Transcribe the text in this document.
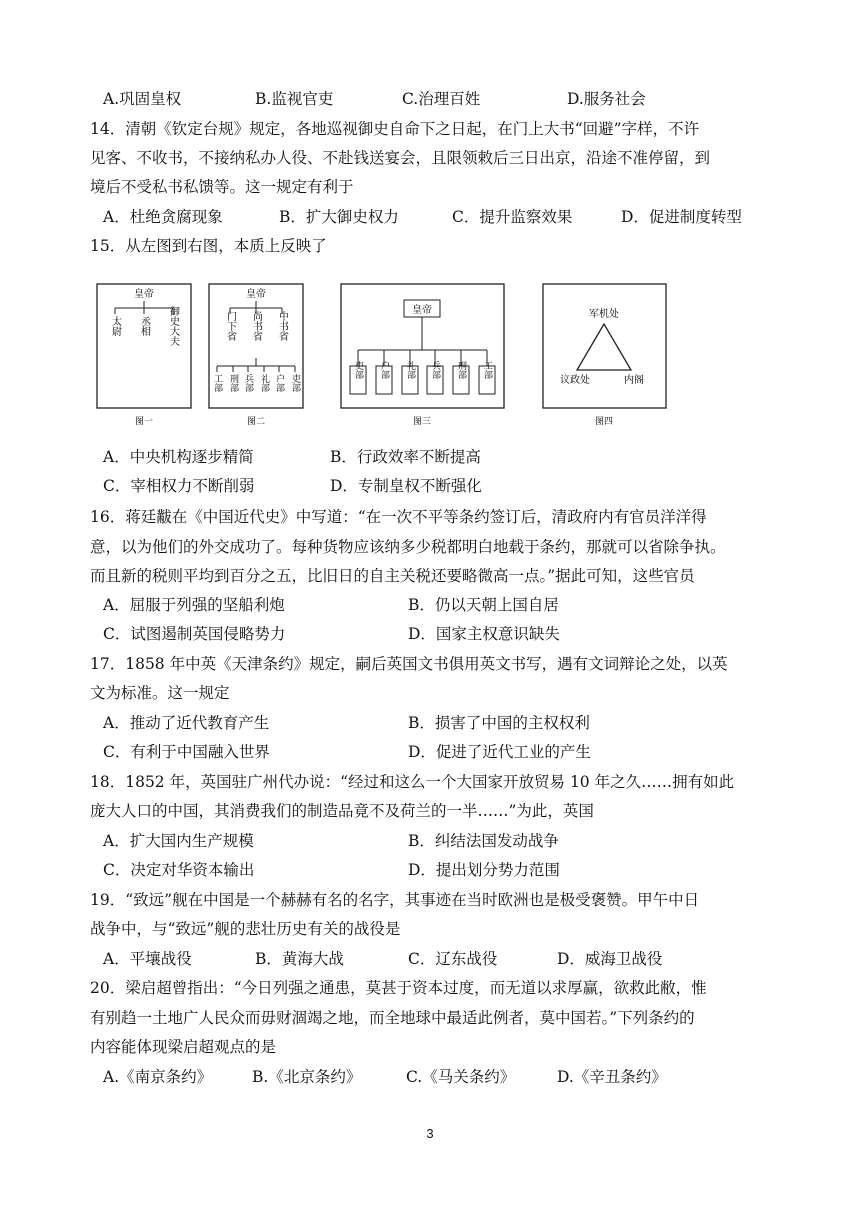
A.巩固皇权	B.监视官吏	C.治理百姓	D.服务社会
14．清朝《钦定台规》规定，各地巡视御史自命下之日起，在门上大书“回避”字样，不许
见客、不收书，不接纳私办人役、不赴钱送宴会，且限领敕后三日出京，沿途不准停留，到
境后不受私书私馈等。这一规定有利于
A．杜绝贪腐现象	B．扩大御史权力	C．提升监察效果	D．促进制度转型
15．从左图到右图，本质上反映了
皇帝
太尉 丞相 御史大夫
图一
皇帝
门下省 尚书省 中书省
工部 刑部 兵部 礼部 户部 吏部
图二
皇帝
吏部 户部 礼部 兵部 刑部 工部
图三
军机处
议政处	内阁
图四
A．中央机构逐步精简	B．行政效率不断提高
C．宰相权力不断削弱	D．专制皇权不断强化
16．蒋廷黻在《中国近代史》中写道：“在一次不平等条约签订后，清政府内有官员洋洋得
意，以为他们的外交成功了。每种货物应该纳多少税都明白地载于条约，那就可以省除争执。
而且新的税则平均到百分之五，比旧日的自主关税还要略微高一点。”据此可知，这些官员
A．屈服于列强的坚船利炮	B．仍以天朝上国自居
C．试图遏制英国侵略势力	D．国家主权意识缺失
17．1858 年中英《天津条约》规定，嗣后英国文书俱用英文书写，遇有文词辩论之处，以英
文为标准。这一规定
A．推动了近代教育产生	B．损害了中国的主权权利
C．有利于中国融入世界	D．促进了近代工业的产生
18．1852 年，英国驻广州代办说：“经过和这么一个大国家开放贸易 10 年之久……拥有如此
庞大人口的中国，其消费我们的制造品竟不及荷兰的一半……”为此，英国
A．扩大国内生产规模	B．纠结法国发动战争
C．决定对华资本输出	D．提出划分势力范围
19．“致远”舰在中国是一个赫赫有名的名字，其事迹在当时欧洲也是极受褒赞。甲午中日
战争中，与“致远”舰的悲壮历史有关的战役是
A．平壤战役	B．黄海大战	C．辽东战役	D．威海卫战役
20．梁启超曾指出：“今日列强之通患，莫甚于资本过度，而无道以求厚赢，欲救此敝，惟
有别趋一土地广人民众而毋财涸竭之地，而全地球中最适此例者，莫中国若。”下列条约的
内容能体现梁启超观点的是
A.《南京条约》	B.《北京条约》	C.《马关条约》	D.《辛丑条约》
3
